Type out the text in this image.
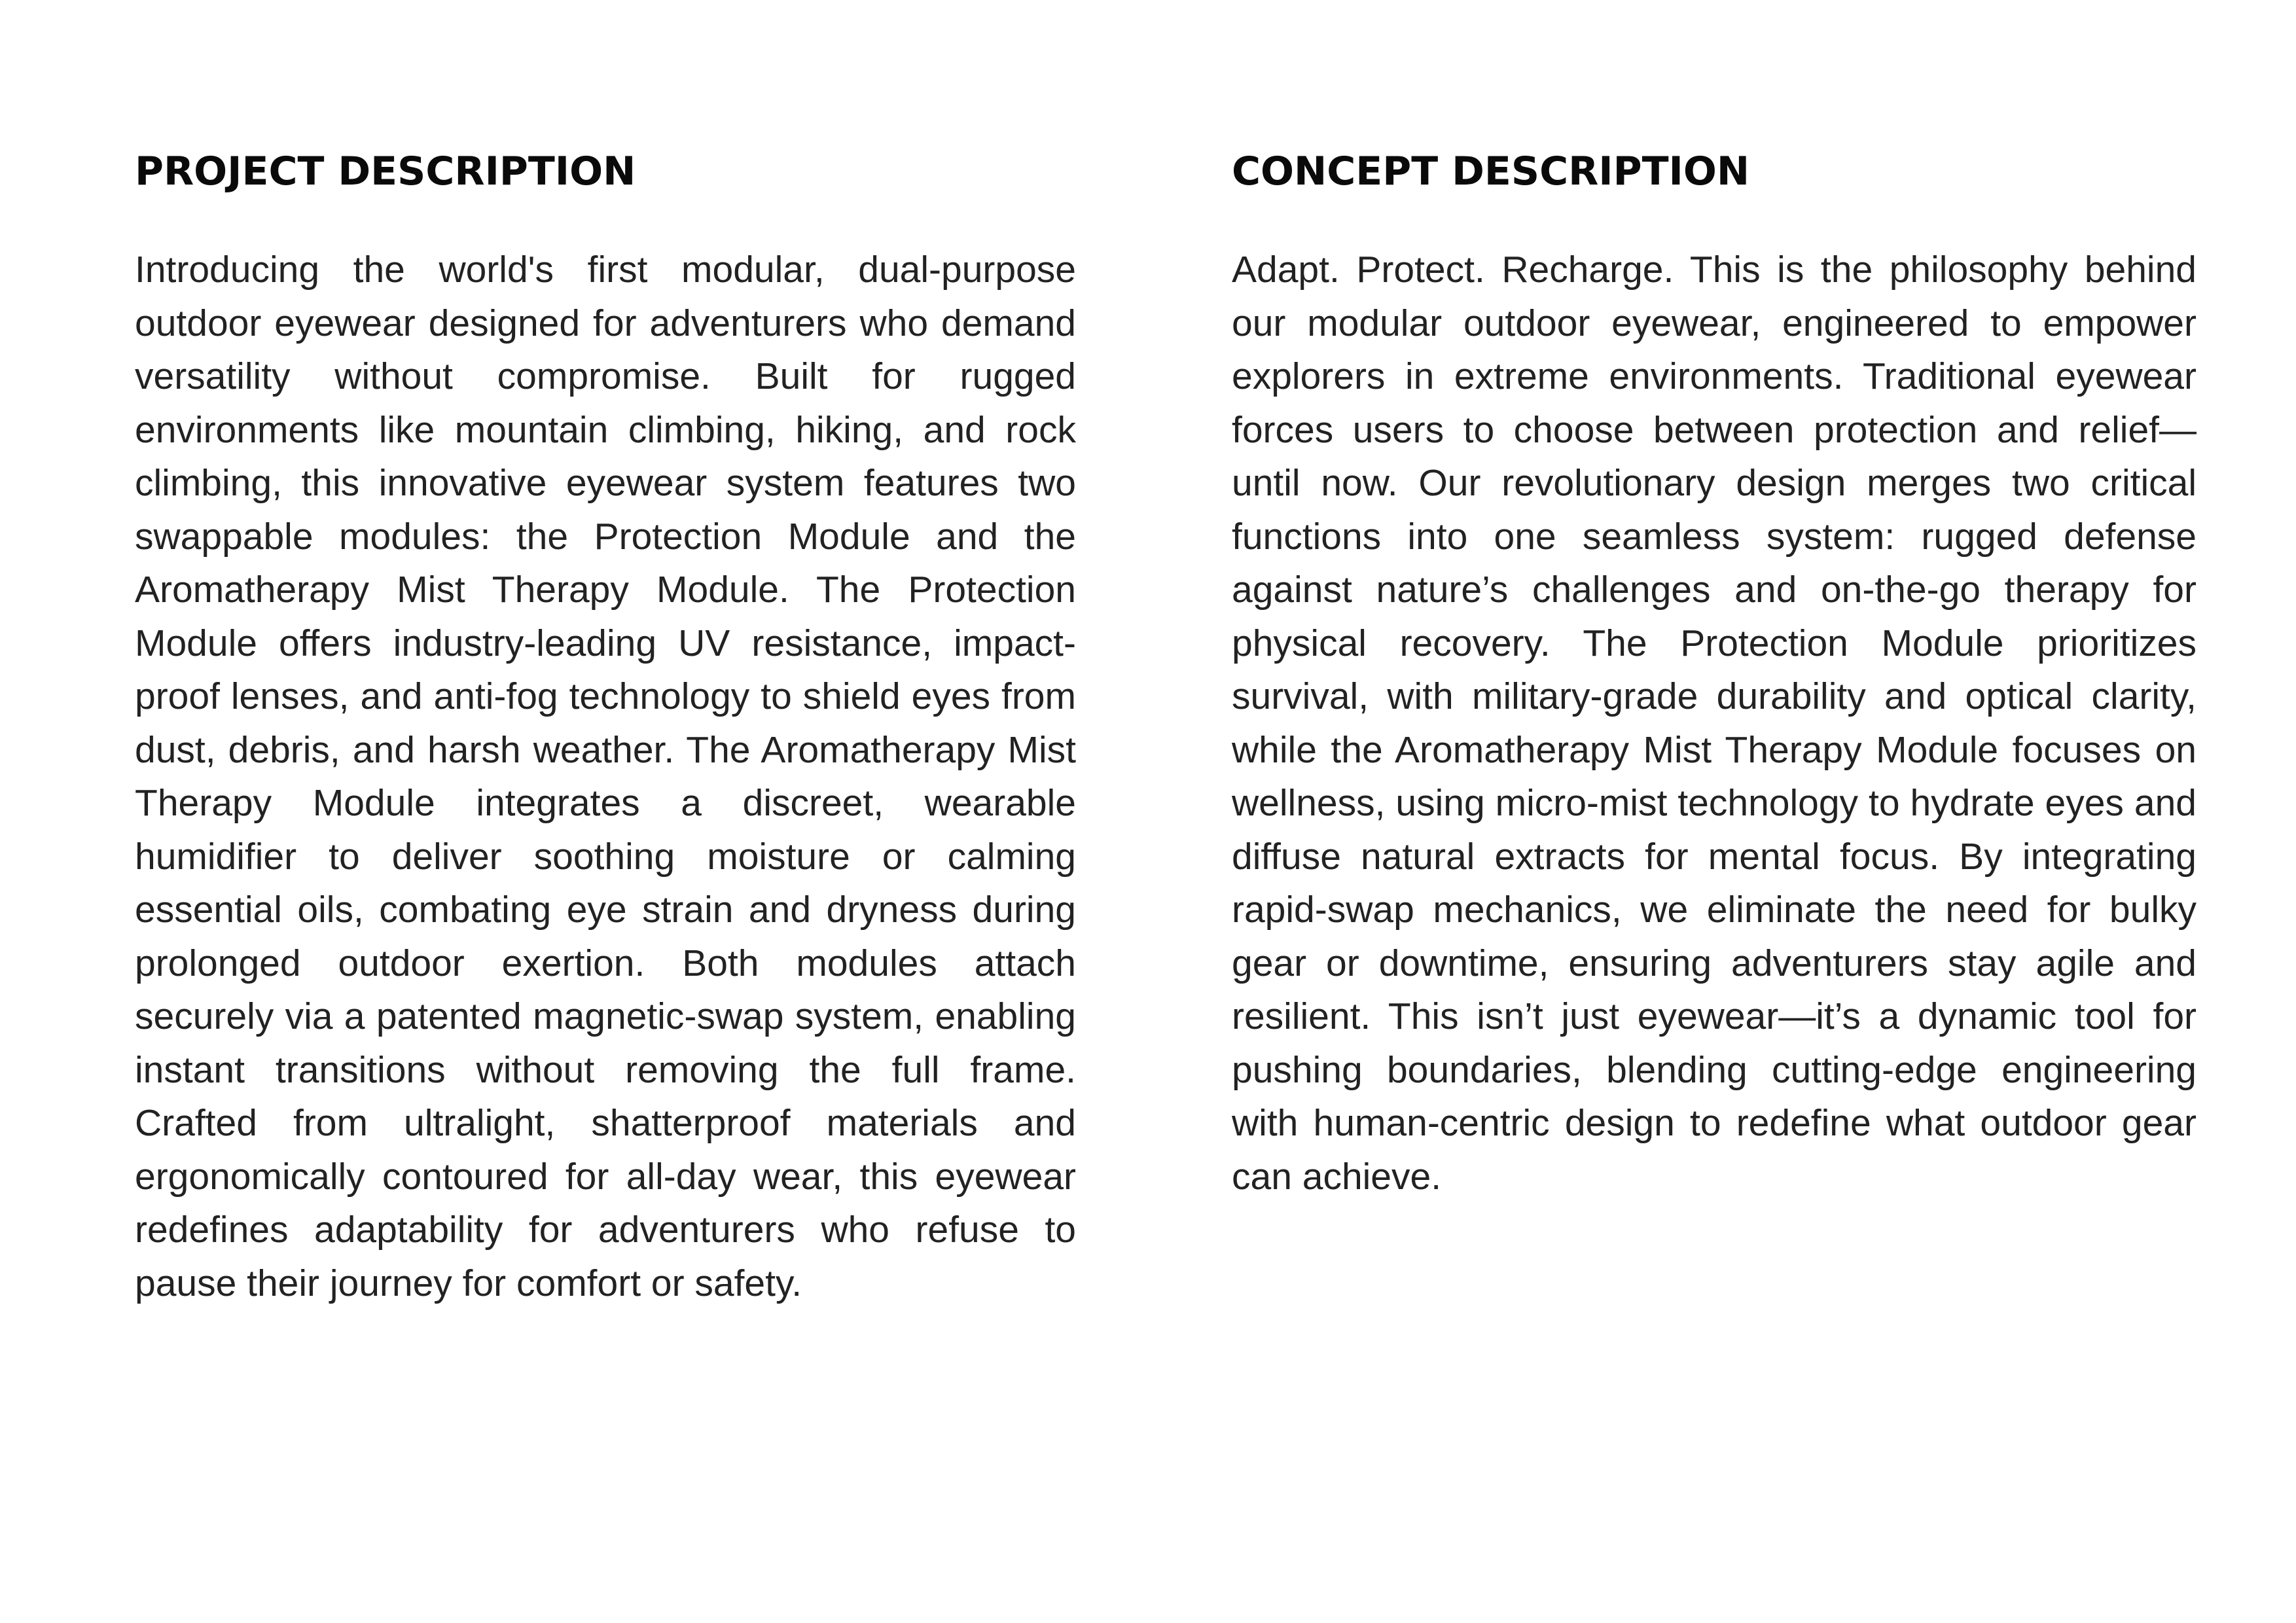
PROJECT DESCRIPTION

Introducing the world's first modular, dual-purpose outdoor eyewear designed for adventurers who demand versatility without compromise. Built for rugged environments like mountain climbing, hiking, and rock climbing, this innovative eyewear system features two swappable modules: the Protection Module and the Aromatherapy Mist Therapy Module. The Protection Module offers industry-leading UV resistance, impact-proof lenses, and anti-fog technology to shield eyes from dust, debris, and harsh weather. The Aromatherapy Mist Therapy Module integrates a discreet, wearable humidifier to deliver soothing moisture or calming essential oils, combating eye strain and dryness during prolonged outdoor exertion. Both modules attach securely via a patented magnetic-swap system, enabling instant transitions without removing the full frame. Crafted from ultralight, shatterproof materials and ergonomically contoured for all-day wear, this eyewear redefines adaptability for adventurers who refuse to pause their journey for comfort or safety.

CONCEPT DESCRIPTION

Adapt. Protect. Recharge. This is the philosophy behind our modular outdoor eyewear, engineered to empower explorers in extreme environments. Traditional eyewear forces users to choose between protection and relief—until now. Our revolutionary design merges two critical functions into one seamless system: rugged defense against nature’s challenges and on-the-go therapy for physical recovery. The Protection Module prioritizes survival, with military-grade durability and optical clarity, while the Aromatherapy Mist Therapy Module focuses on wellness, using micro-mist technology to hydrate eyes and diffuse natural extracts for mental focus. By integrating rapid-swap mechanics, we eliminate the need for bulky gear or downtime, ensuring adventurers stay agile and resilient. This isn’t just eyewear—it’s a dynamic tool for pushing boundaries, blending cutting-edge engineering with human-centric design to redefine what outdoor gear can achieve.
